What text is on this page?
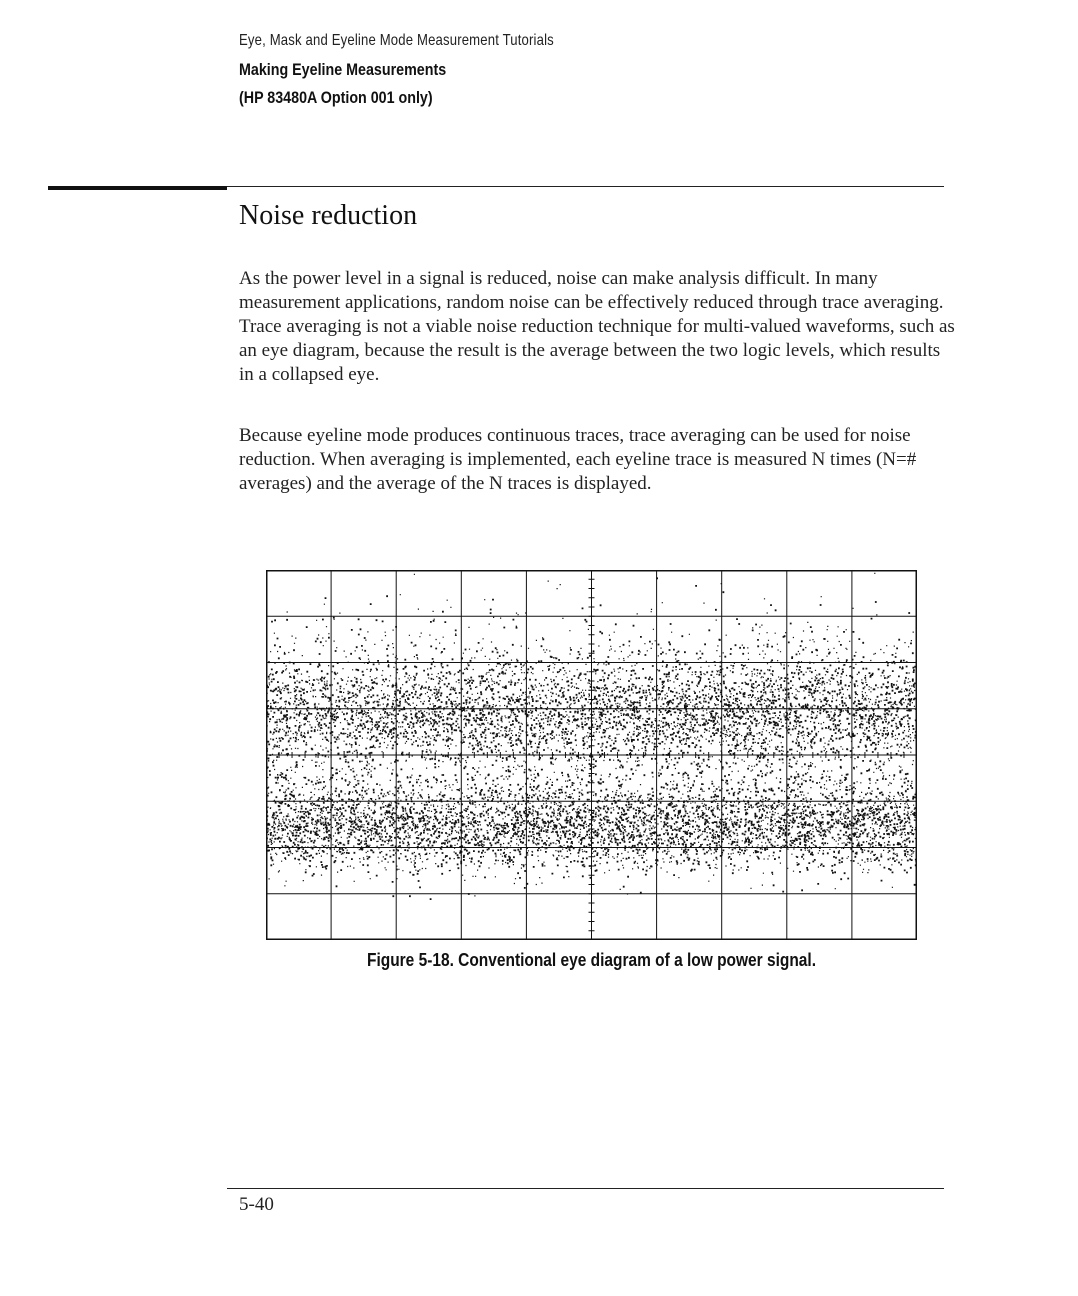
Eye, Mask and Eyeline Mode Measurement Tutorials
Making Eyeline Measurements
(HP 83480A Option 001 only)
Noise reduction

As the power level in a signal is reduced, noise can make analysis difficult. In many measurement applications, random noise can be effectively reduced through trace averaging. Trace averaging is not a viable noise reduction technique for multi-valued waveforms, such as an eye diagram, because the result is the average between the two logic levels, which results in a collapsed eye.

Because eyeline mode produces continuous traces, trace averaging can be used for noise reduction. When averaging is implemented, each eyeline trace is measured N times (N=# averages) and the average of the N traces is displayed.

Figure 5-18. Conventional eye diagram of a low power signal.
5-40
